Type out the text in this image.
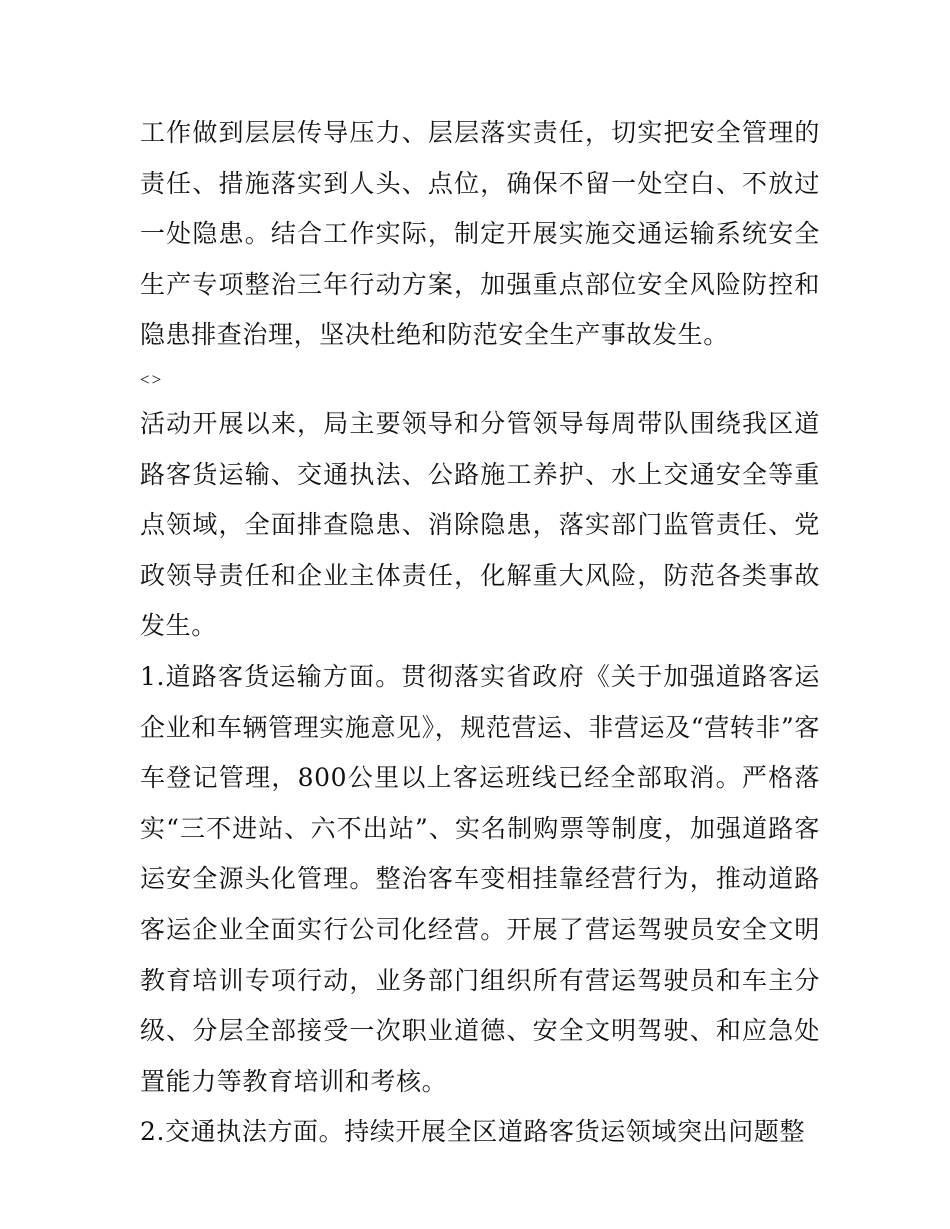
工作做到层层传导压力、层层落实责任，切实把安全管理的责任、措施落实到人头、点位，确保不留一处空白、不放过一处隐患。结合工作实际，制定开展实施交通运输系统安全生产专项整治三年行动方案，加强重点部位安全风险防控和隐患排查治理，坚决杜绝和防范安全生产事故发生。

<>

活动开展以来，局主要领导和分管领导每周带队围绕我区道路客货运输、交通执法、公路施工养护、水上交通安全等重点领域，全面排查隐患、消除隐患，落实部门监管责任、党政领导责任和企业主体责任，化解重大风险，防范各类事故发生。

1.道路客货运输方面。贯彻落实省政府《关于加强道路客运企业和车辆管理实施意见》，规范营运、非营运及“营转非”客车登记管理，800公里以上客运班线已经全部取消。严格落实“三不进站、六不出站”、实名制购票等制度，加强道路客运安全源头化管理。整治客车变相挂靠经营行为，推动道路客运企业全面实行公司化经营。开展了营运驾驶员安全文明教育培训专项行动，业务部门组织所有营运驾驶员和车主分级、分层全部接受一次职业道德、安全文明驾驶、和应急处置能力等教育培训和考核。

2.交通执法方面。持续开展全区道路客货运领域突出问题整
